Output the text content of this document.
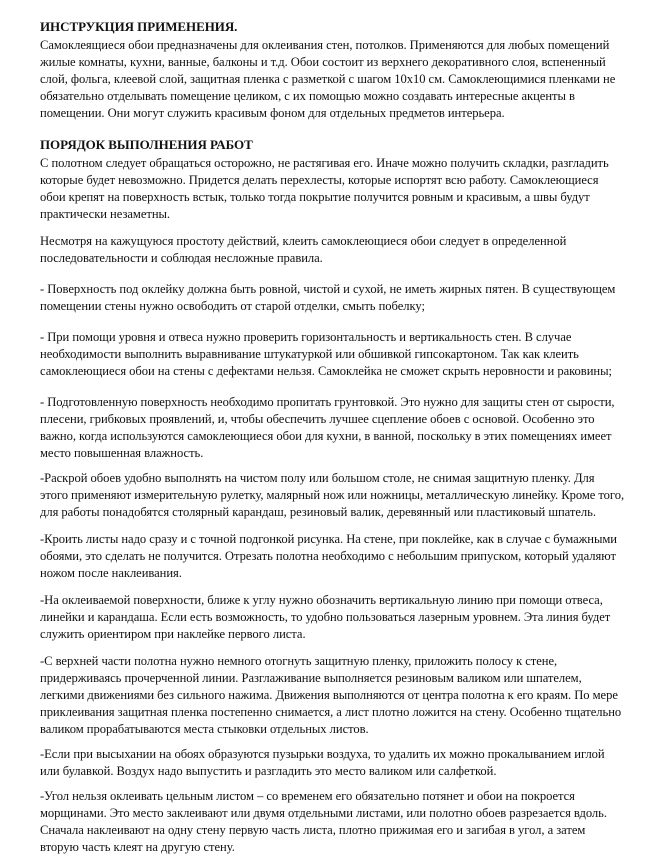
ИНСТРУКЦИЯ ПРИМЕНЕНИЯ.

Самоклеящиеся обои предназначены для оклеивания стен, потолков. Применяются для любых помещений жилые комнаты, кухни, ванные, балконы и т.д. Обои состоит из верхнего декоративного слоя, вспененный слой, фольга, клеевой слой, защитная пленка с разметкой с шагом 10х10 см. Самоклеющимися пленками не обязательно отделывать помещение целиком, с их помощью можно создавать интересные акценты в помещении. Они могут служить красивым фоном для отдельных предметов интерьера.

ПОРЯДОК ВЫПОЛНЕНИЯ РАБОТ

С полотном следует обращаться осторожно, не растягивая его. Иначе можно получить складки, разгладить которые будет невозможно. Придется делать перехлесты, которые испортят всю работу. Самоклеющиеся обои крепят на поверхность встык, только тогда покрытие получится ровным и красивым, а швы будут практически незаметны.

Несмотря на кажущуюся простоту действий, клеить самоклеющиеся обои следует в определенной последовательности и соблюдая несложные правила.

- Поверхность под оклейку должна быть ровной, чистой и сухой, не иметь жирных пятен. В существующем помещении стены нужно освободить от старой отделки, смыть побелку;

- При помощи уровня и отвеса нужно проверить горизонтальность и вертикальность стен. В случае необходимости выполнить выравнивание штукатуркой или обшивкой гипсокартоном. Так как клеить самоклеющиеся обои на стены с дефектами нельзя. Самоклейка не сможет скрыть неровности и раковины;

- Подготовленную поверхность необходимо пропитать грунтовкой. Это нужно для защиты стен от сырости, плесени, грибковых проявлений, и, чтобы обеспечить лучшее сцепление обоев с основой. Особенно это важно, когда используются самоклеющиеся обои для кухни, в ванной, поскольку в этих помещениях имеет место повышенная влажность.

-Раскрой обоев удобно выполнять на чистом полу или большом столе, не снимая защитную пленку. Для этого применяют измерительную рулетку, малярный нож или ножницы, металлическую линейку. Кроме того, для работы понадобятся столярный карандаш, резиновый валик, деревянный или пластиковый шпатель.

-Кроить листы надо сразу и с точной подгонкой рисунка. На стене, при поклейке, как в случае с бумажными обоями, это сделать не получится. Отрезать полотна необходимо с небольшим припуском, который удаляют ножом после наклеивания.

-На оклеиваемой поверхности, ближе к углу нужно обозначить вертикальную линию при помощи отвеса, линейки и карандаша. Если есть возможность, то удобно пользоваться лазерным уровнем. Эта линия будет служить ориентиром при наклейке первого листа.

-С верхней части полотна нужно немного отогнуть защитную пленку, приложить полосу к стене, придерживаясь прочерченной линии. Разглаживание выполняется резиновым валиком или шпателем, легкими движениями без сильного нажима. Движения выполняются от центра полотна к его краям. По мере приклеивания защитная пленка постепенно снимается, а лист плотно ложится на стену. Особенно тщательно валиком прорабатываются места стыковки отдельных листов.

-Если при высыхании на обоях образуются пузырьки воздуха, то удалить их можно прокалыванием иглой или булавкой. Воздух надо выпустить и разгладить это место валиком или салфеткой.

-Угол нельзя оклеивать цельным листом – со временем его обязательно потянет и обои на покроется морщинами. Это место заклеивают или двумя отдельными листами, или полотно обоев разрезается вдоль. Сначала наклеивают на одну стену первую часть листа, плотно прижимая его и загибая в угол, а затем вторую часть клеят на другую стену.
